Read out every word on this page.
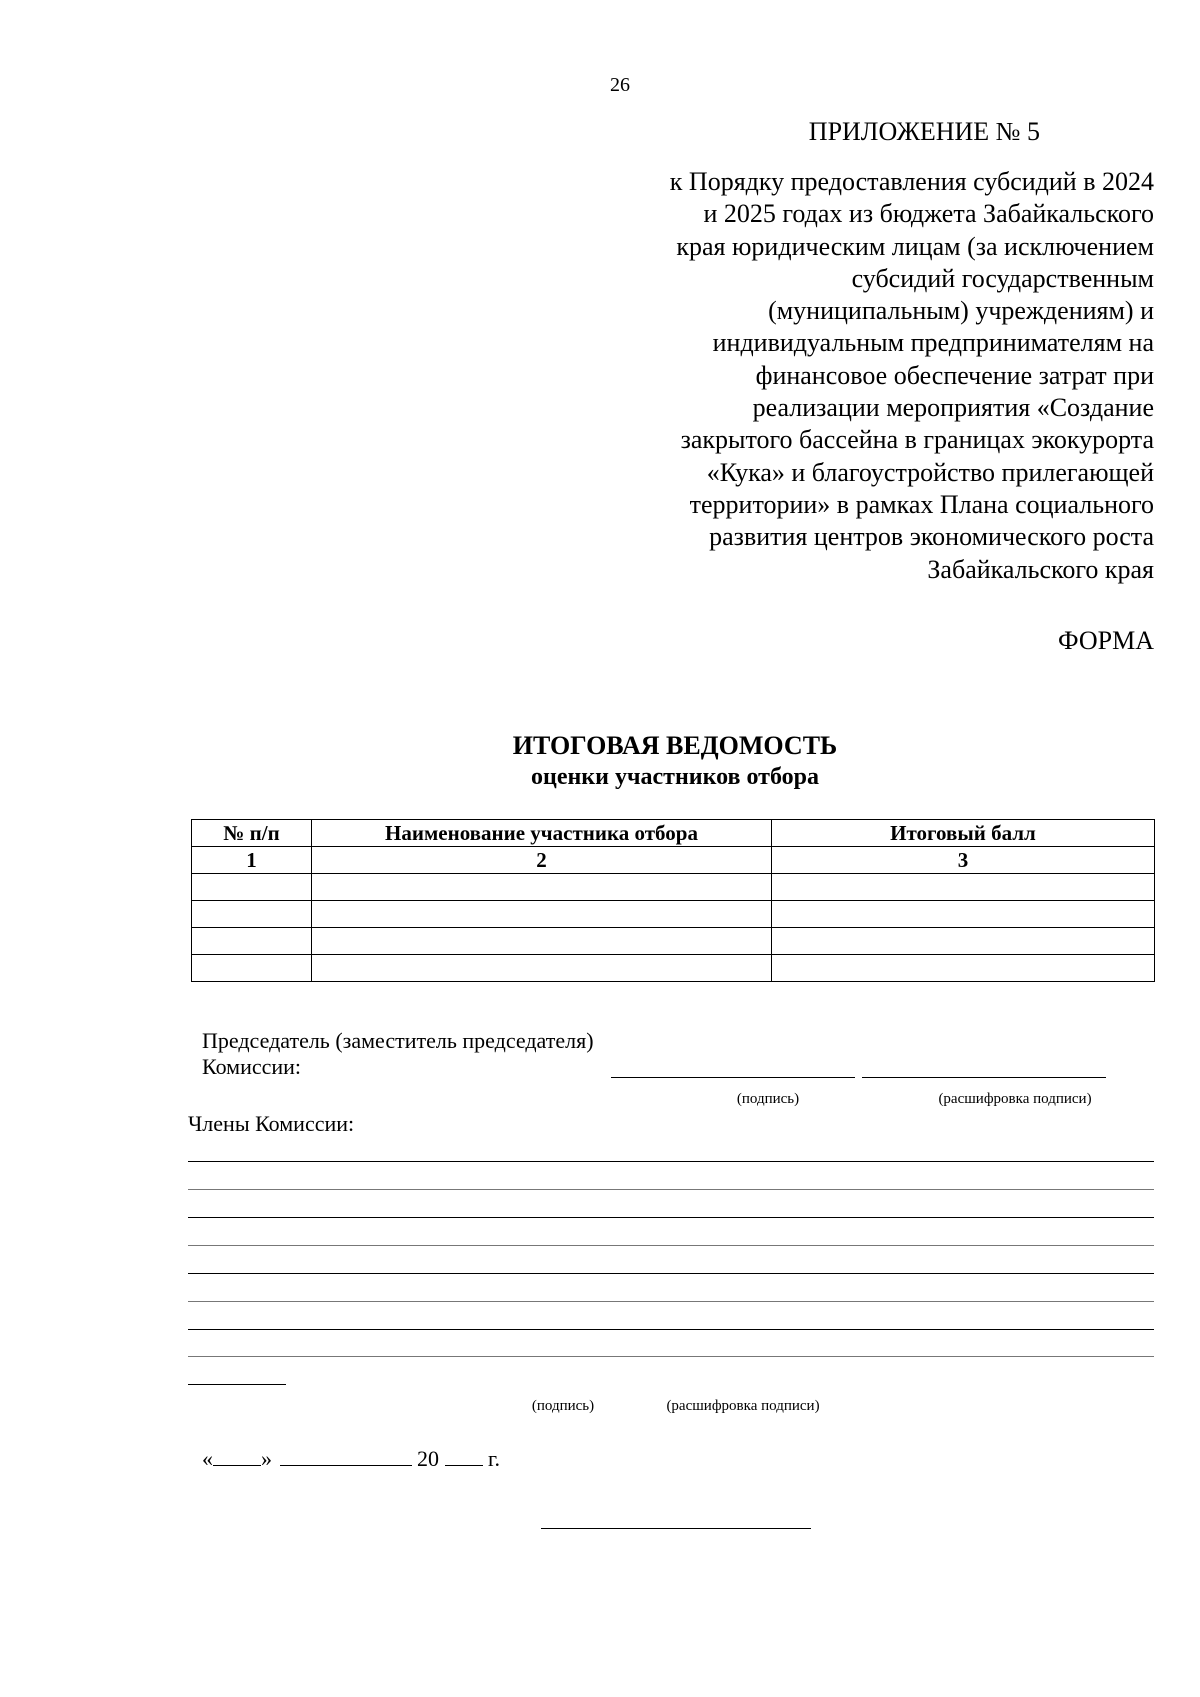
26
ПРИЛОЖЕНИЕ № 5
к Порядку предоставления субсидий в 2024
и 2025 годах из бюджета Забайкальского
края юридическим лицам (за исключением
субсидий государственным
(муниципальным) учреждениям) и
индивидуальным предпринимателям на
финансовое обеспечение затрат при
реализации мероприятия «Создание
закрытого бассейна в границах экокурорта
«Кука» и благоустройство прилегающей
территории» в рамках Плана социального
развития центров экономического роста
Забайкальского края
ФОРМА
ИТОГОВАЯ ВЕДОМОСТЬ
оценки участников отбора
№ п/п	Наименование участника отбора	Итоговый балл
1	2	3

Председатель (заместитель председателя)
Комиссии:
(подпись)	(расшифровка подписи)
Члены Комиссии:
(подпись)	(расшифровка подписи)
« »	20 г.
